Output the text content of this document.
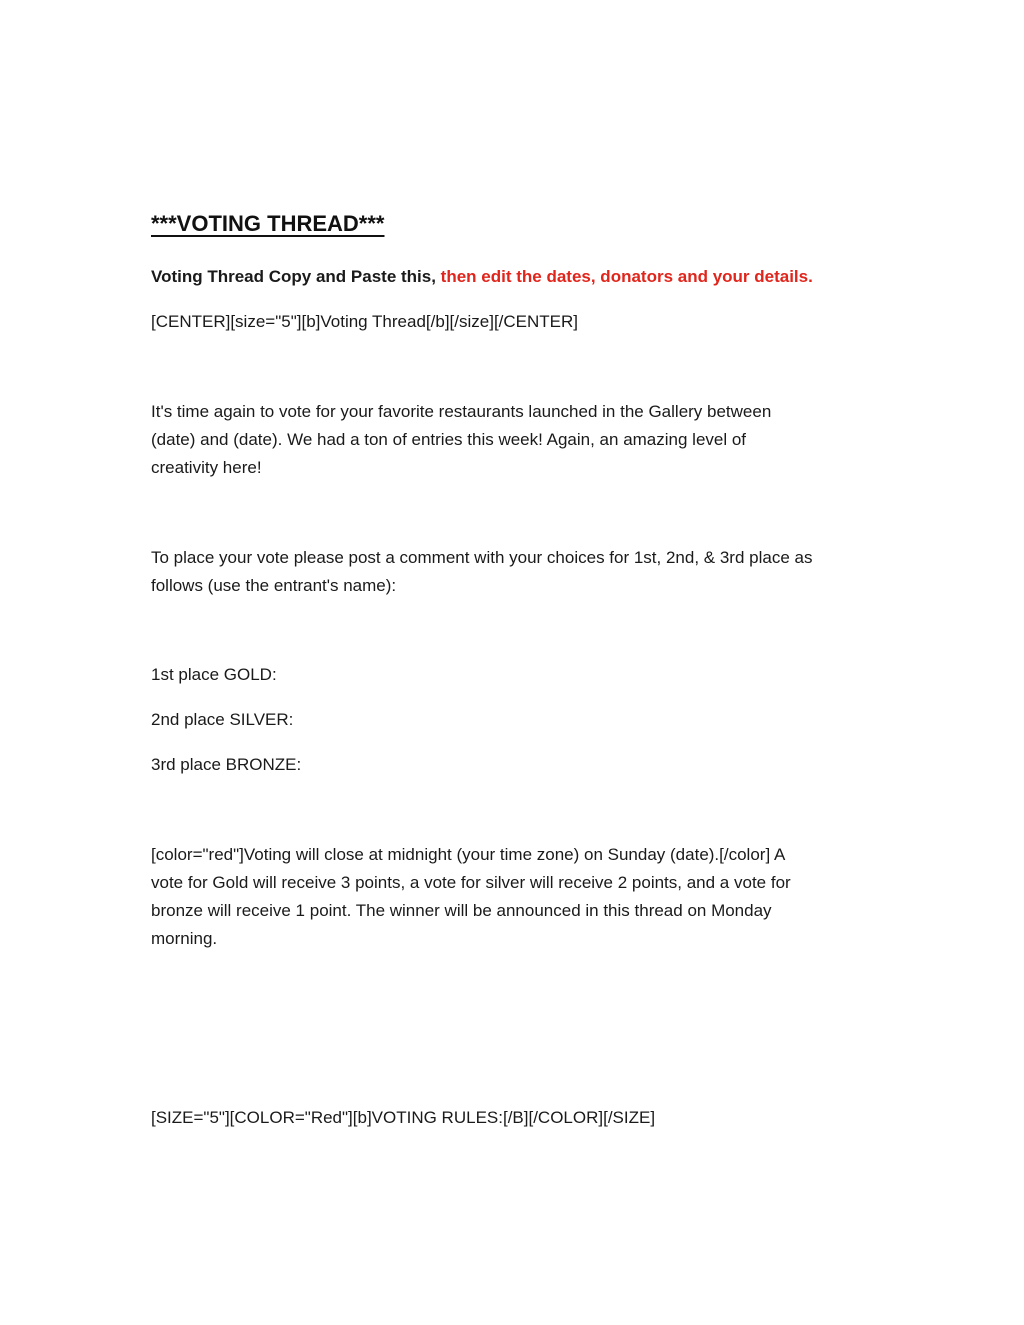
***VOTING THREAD***
Voting Thread Copy and Paste this, then edit the dates, donators and your details.
[CENTER][size="5"][b]Voting Thread[/b][/size][/CENTER]
It's time again to vote for your favorite restaurants launched in the Gallery between
(date) and (date). We had a ton of entries this week! Again, an amazing level of
creativity here!
To place your vote please post a comment with your choices for 1st, 2nd, & 3rd place as
follows (use the entrant's name):
1st place GOLD:
2nd place SILVER:
3rd place BRONZE:
[color="red"]Voting will close at midnight (your time zone) on Sunday (date).[/color] A
vote for Gold will receive 3 points, a vote for silver will receive 2 points, and a vote for
bronze will receive 1 point. The winner will be announced in this thread on Monday
morning.
[SIZE="5"][COLOR="Red"][b]VOTING RULES:[/B][/COLOR][/SIZE]
